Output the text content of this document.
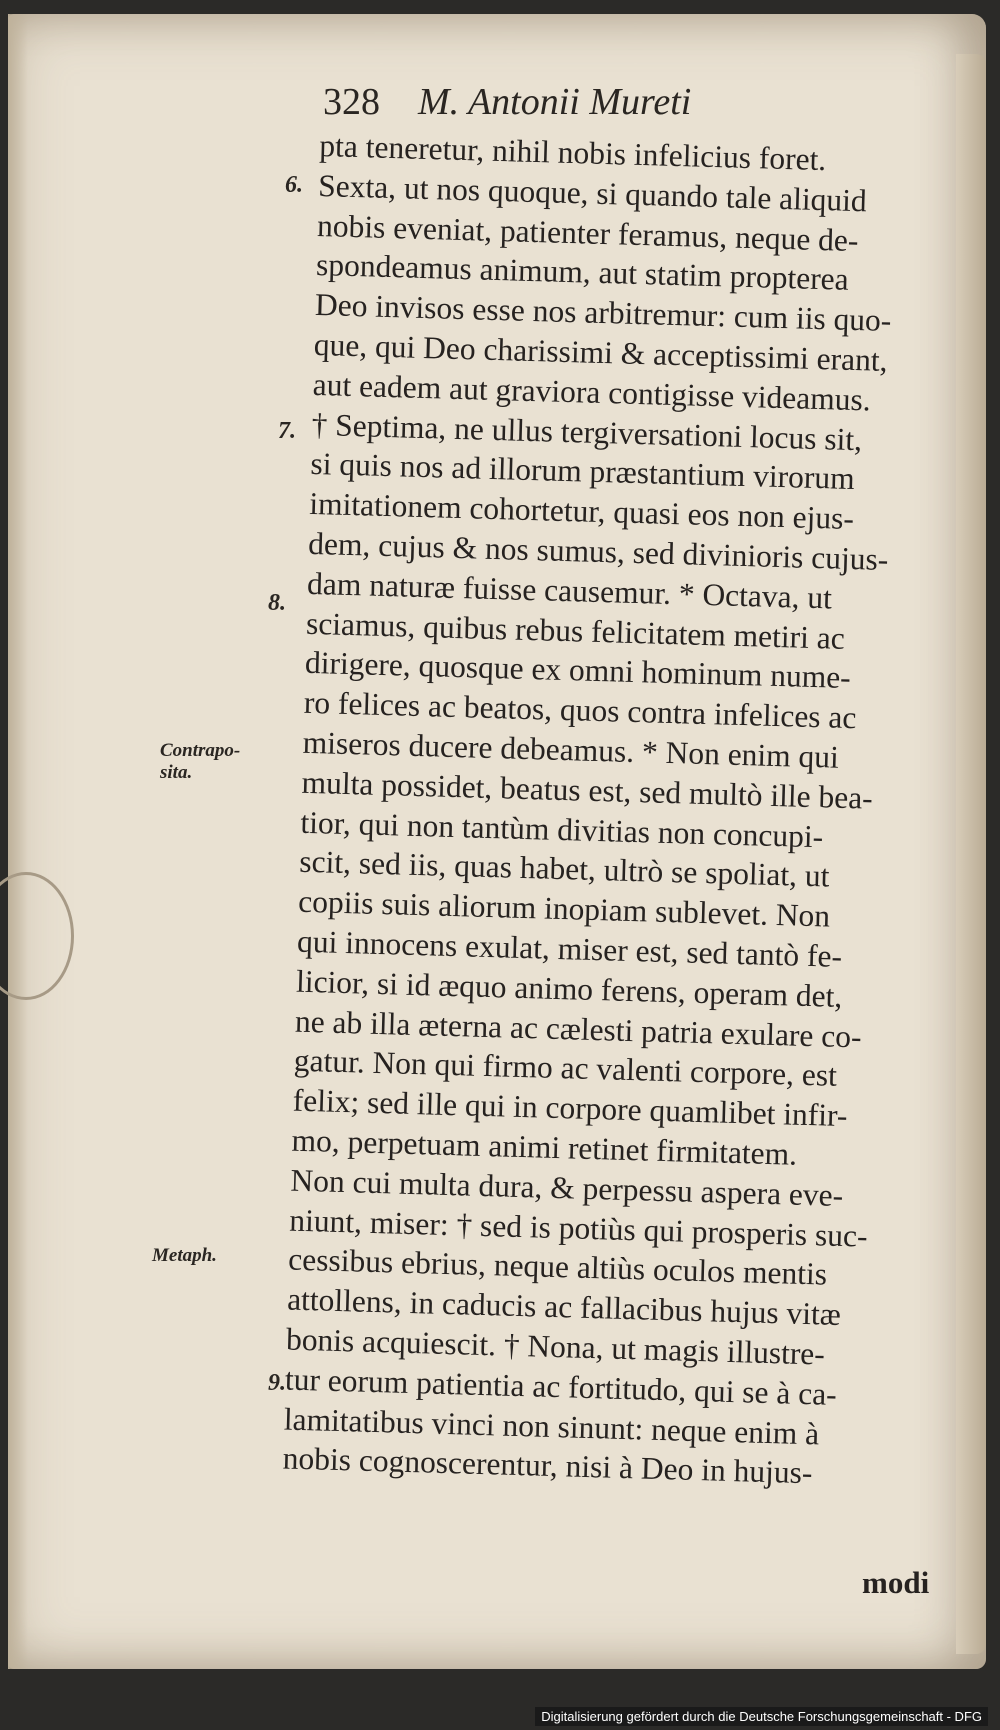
328 M. Antonii Mureti
pta teneretur, nihil nobis infelicius foret.
Sexta, ut nos quoque, si quando tale aliquid
nobis eveniat, patienter feramus, neque de-
spondeamus animum, aut statim propterea
Deo invisos esse nos arbitremur: cum iis quo-
que, qui Deo charissimi & acceptissimi erant,
aut eadem aut graviora contigisse videamus.
† Septima, ne ullus tergiversationi locus sit,
si quis nos ad illorum præstantium virorum
imitationem cohortetur, quasi eos non ejus-
dem, cujus & nos sumus, sed divinioris cujus-
dam naturæ fuisse causemur. * Octava, ut
sciamus, quibus rebus felicitatem metiri ac
dirigere, quosque ex omni hominum nume-
ro felices ac beatos, quos contra infelices ac
miseros ducere debeamus. * Non enim qui
multa possidet, beatus est, sed multò ille bea-
tior, qui non tantùm divitias non concupi-
scit, sed iis, quas habet, ultrò se spoliat, ut
copiis suis aliorum inopiam sublevet. Non
qui innocens exulat, miser est, sed tantò fe-
licior, si id æquo animo ferens, operam det,
ne ab illa æterna ac cælesti patria exulare co-
gatur. Non qui firmo ac valenti corpore, est
felix; sed ille qui in corpore quamlibet infir-
mo, perpetuam animi retinet firmitatem.
Non cui multa dura, & perpessu aspera eve-
niunt, miser: † sed is potiùs qui prosperis suc-
cessibus ebrius, neque altiùs oculos mentis
attollens, in caducis ac fallacibus hujus vitæ
bonis acquiescit. † Nona, ut magis illustre-
tur eorum patientia ac fortitudo, qui se à ca-
lamitatibus vinci non sinunt: neque enim à
nobis cognoscerentur, nisi à Deo in hujus-
6.
7.
8.
9.
Contrapo-
sita.
Metaph.
modi
Digitalisierung gefördert durch die Deutsche Forschungsgemeinschaft - DFG
